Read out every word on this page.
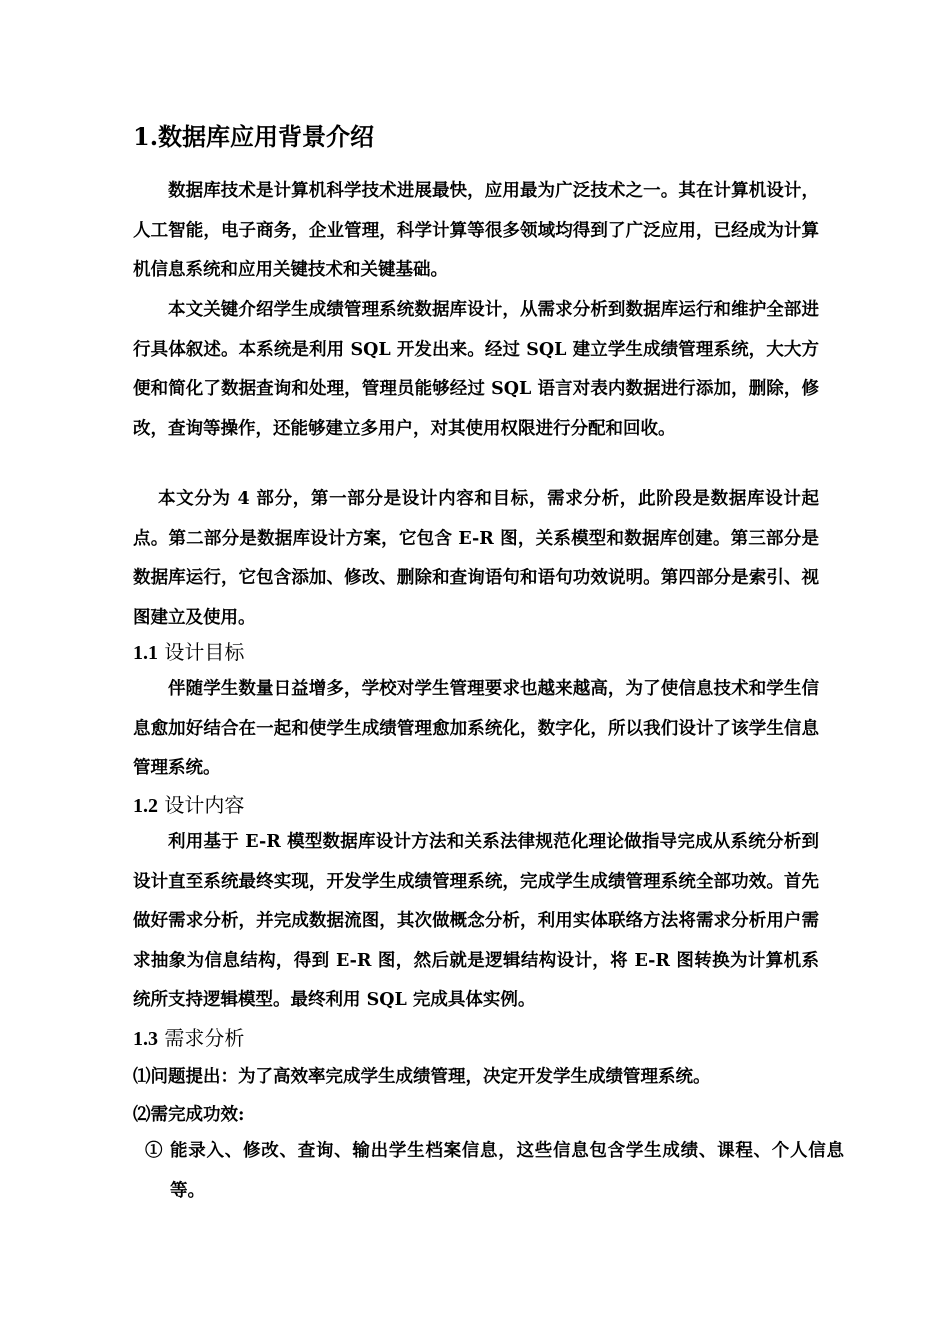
1.数据库应用背景介绍
数据库技术是计算机科学技术进展最快，应用最为广泛技术之一。其在计算机设计，人工智能，电子商务，企业管理，科学计算等很多领域均得到了广泛应用，已经成为计算机信息系统和应用关键技术和关键基础。
本文关键介绍学生成绩管理系统数据库设计，从需求分析到数据库运行和维护全部进行具体叙述。本系统是利用 SQL 开发出来。经过 SQL 建立学生成绩管理系统，大大方便和简化了数据查询和处理，管理员能够经过 SQL 语言对表内数据进行添加，删除，修改，查询等操作，还能够建立多用户，对其使用权限进行分配和回收。
本文分为 4 部分，第一部分是设计内容和目标，需求分析，此阶段是数据库设计起点。第二部分是数据库设计方案，它包含 E-R 图，关系模型和数据库创建。第三部分是数据库运行，它包含添加、修改、删除和查询语句和语句功效说明。第四部分是索引、视图建立及使用。
1.1 设计目标
伴随学生数量日益增多，学校对学生管理要求也越来越高，为了使信息技术和学生信息愈加好结合在一起和使学生成绩管理愈加系统化，数字化，所以我们设计了该学生信息管理系统。
1.2 设计内容
利用基于 E-R 模型数据库设计方法和关系法律规范化理论做指导完成从系统分析到设计直至系统最终实现，开发学生成绩管理系统，完成学生成绩管理系统全部功效。首先做好需求分析，并完成数据流图，其次做概念分析，利用实体联络方法将需求分析用户需求抽象为信息结构，得到 E-R 图，然后就是逻辑结构设计，将 E-R 图转换为计算机系统所支持逻辑模型。最终利用 SQL 完成具体实例。
1.3 需求分析
⑴问题提出：为了高效率完成学生成绩管理，决定开发学生成绩管理系统。
⑵需完成功效:
① 能录入、修改、查询、输出学生档案信息，这些信息包含学生成绩、课程、个人信息等。
